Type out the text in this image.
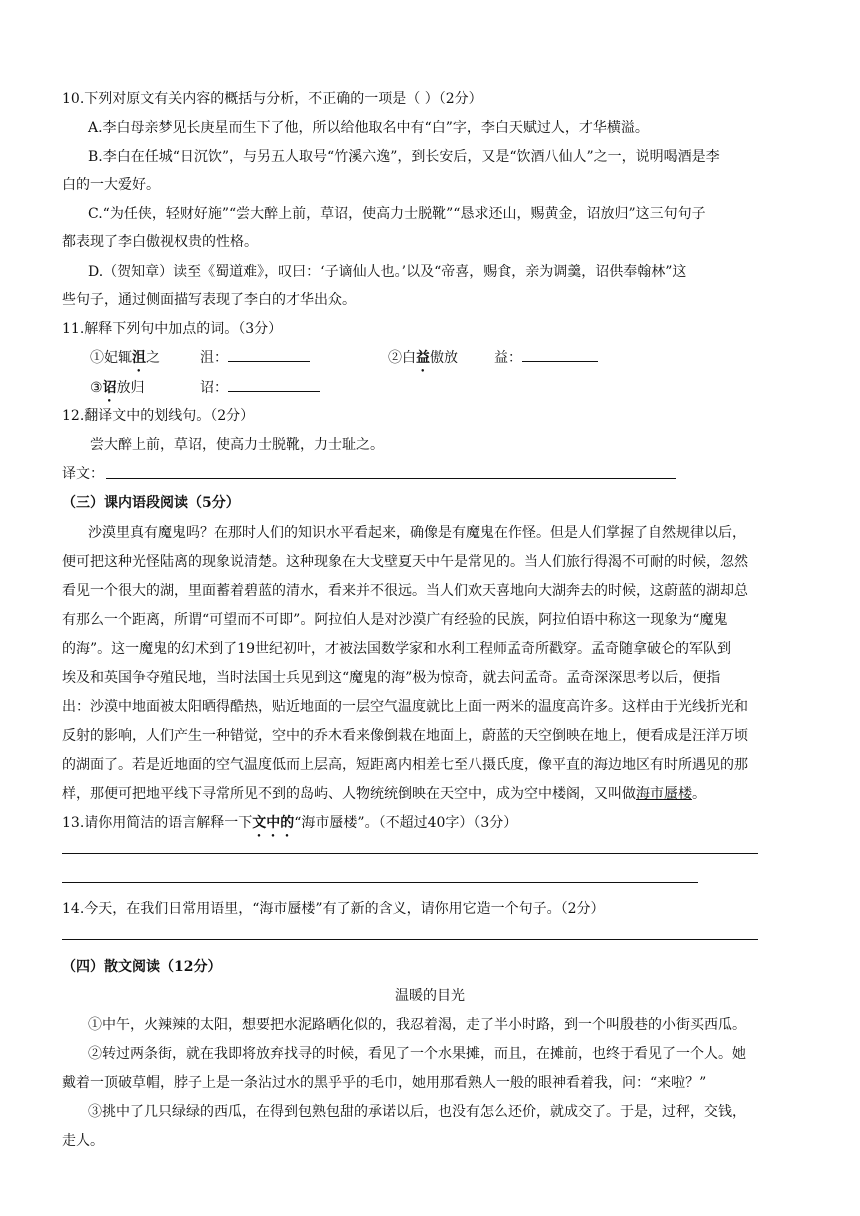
10.下列对原文有关内容的概括与分析，不正确的一项是（ ）（2分）
A.李白母亲梦见长庚星而生下了他，所以给他取名中有“白”字，李白天赋过人，才华横溢。
B.李白在任城“日沉饮”，与另五人取号“竹溪六逸”，到长安后，又是“饮酒八仙人”之一，说明喝酒是李
白的一大爱好。
C.“为任侠，轻财好施”“尝大醉上前，草诏，使高力士脱靴”“恳求还山，赐黄金，诏放归”这三句句子
都表现了李白傲视权贵的性格。
D.（贺知章）读至《蜀道难》，叹曰：‘子谪仙人也。’以及“帝喜，赐食，亲为调羹，诏供奉翰林”这
些句子，通过侧面描写表现了李白的才华出众。
11.解释下列句中加点的词。（3分）
①妃辄沮之	沮：	②白益傲放	益：
③诏放归	诏：
12.翻译文中的划线句。（2分）
尝大醉上前，草诏，使高力士脱靴，力士耻之。
译文：
（三）课内语段阅读（5分）
沙漠里真有魔鬼吗？在那时人们的知识水平看起来，确像是有魔鬼在作怪。但是人们掌握了自然规律以后，
便可把这种光怪陆离的现象说清楚。这种现象在大戈壁夏天中午是常见的。当人们旅行得渴不可耐的时候，忽然
看见一个很大的湖，里面蓄着碧蓝的清水，看来并不很远。当人们欢天喜地向大湖奔去的时候，这蔚蓝的湖却总
有那么一个距离，所谓“可望而不可即”。阿拉伯人是对沙漠广有经验的民族，阿拉伯语中称这一现象为“魔鬼
的海”。这一魔鬼的幻术到了19世纪初叶，才被法国数学家和水利工程师孟奇所戳穿。孟奇随拿破仑的军队到
埃及和英国争夺殖民地，当时法国士兵见到这“魔鬼的海”极为惊奇，就去问孟奇。孟奇深深思考以后，便指
出：沙漠中地面被太阳晒得酷热，贴近地面的一层空气温度就比上面一两米的温度高许多。这样由于光线折光和
反射的影响，人们产生一种错觉，空中的乔木看来像倒栽在地面上，蔚蓝的天空倒映在地上，便看成是汪洋万顷
的湖面了。若是近地面的空气温度低而上层高，短距离内相差七至八摄氏度，像平直的海边地区有时所遇见的那
样，那便可把地平线下寻常所见不到的岛屿、人物统统倒映在天空中，成为空中楼阁，又叫做海市蜃楼。
13.请你用简洁的语言解释一下文中的“海市蜃楼”。（不超过40字）（3分）
14.今天，在我们日常用语里，“海市蜃楼”有了新的含义，请你用它造一个句子。（2分）
（四）散文阅读（12分）
温暖的目光
①中午，火辣辣的太阳，想要把水泥路晒化似的，我忍着渴，走了半小时路，到一个叫殷巷的小街买西瓜。
②转过两条街，就在我即将放弃找寻的时候，看见了一个水果摊，而且，在摊前，也终于看见了一个人。她
戴着一顶破草帽，脖子上是一条沾过水的黑乎乎的毛巾，她用那看熟人一般的眼神看着我，问：“来啦？”
③挑中了几只绿绿的西瓜，在得到包熟包甜的承诺以后，也没有怎么还价，就成交了。于是，过秤，交钱，
走人。
